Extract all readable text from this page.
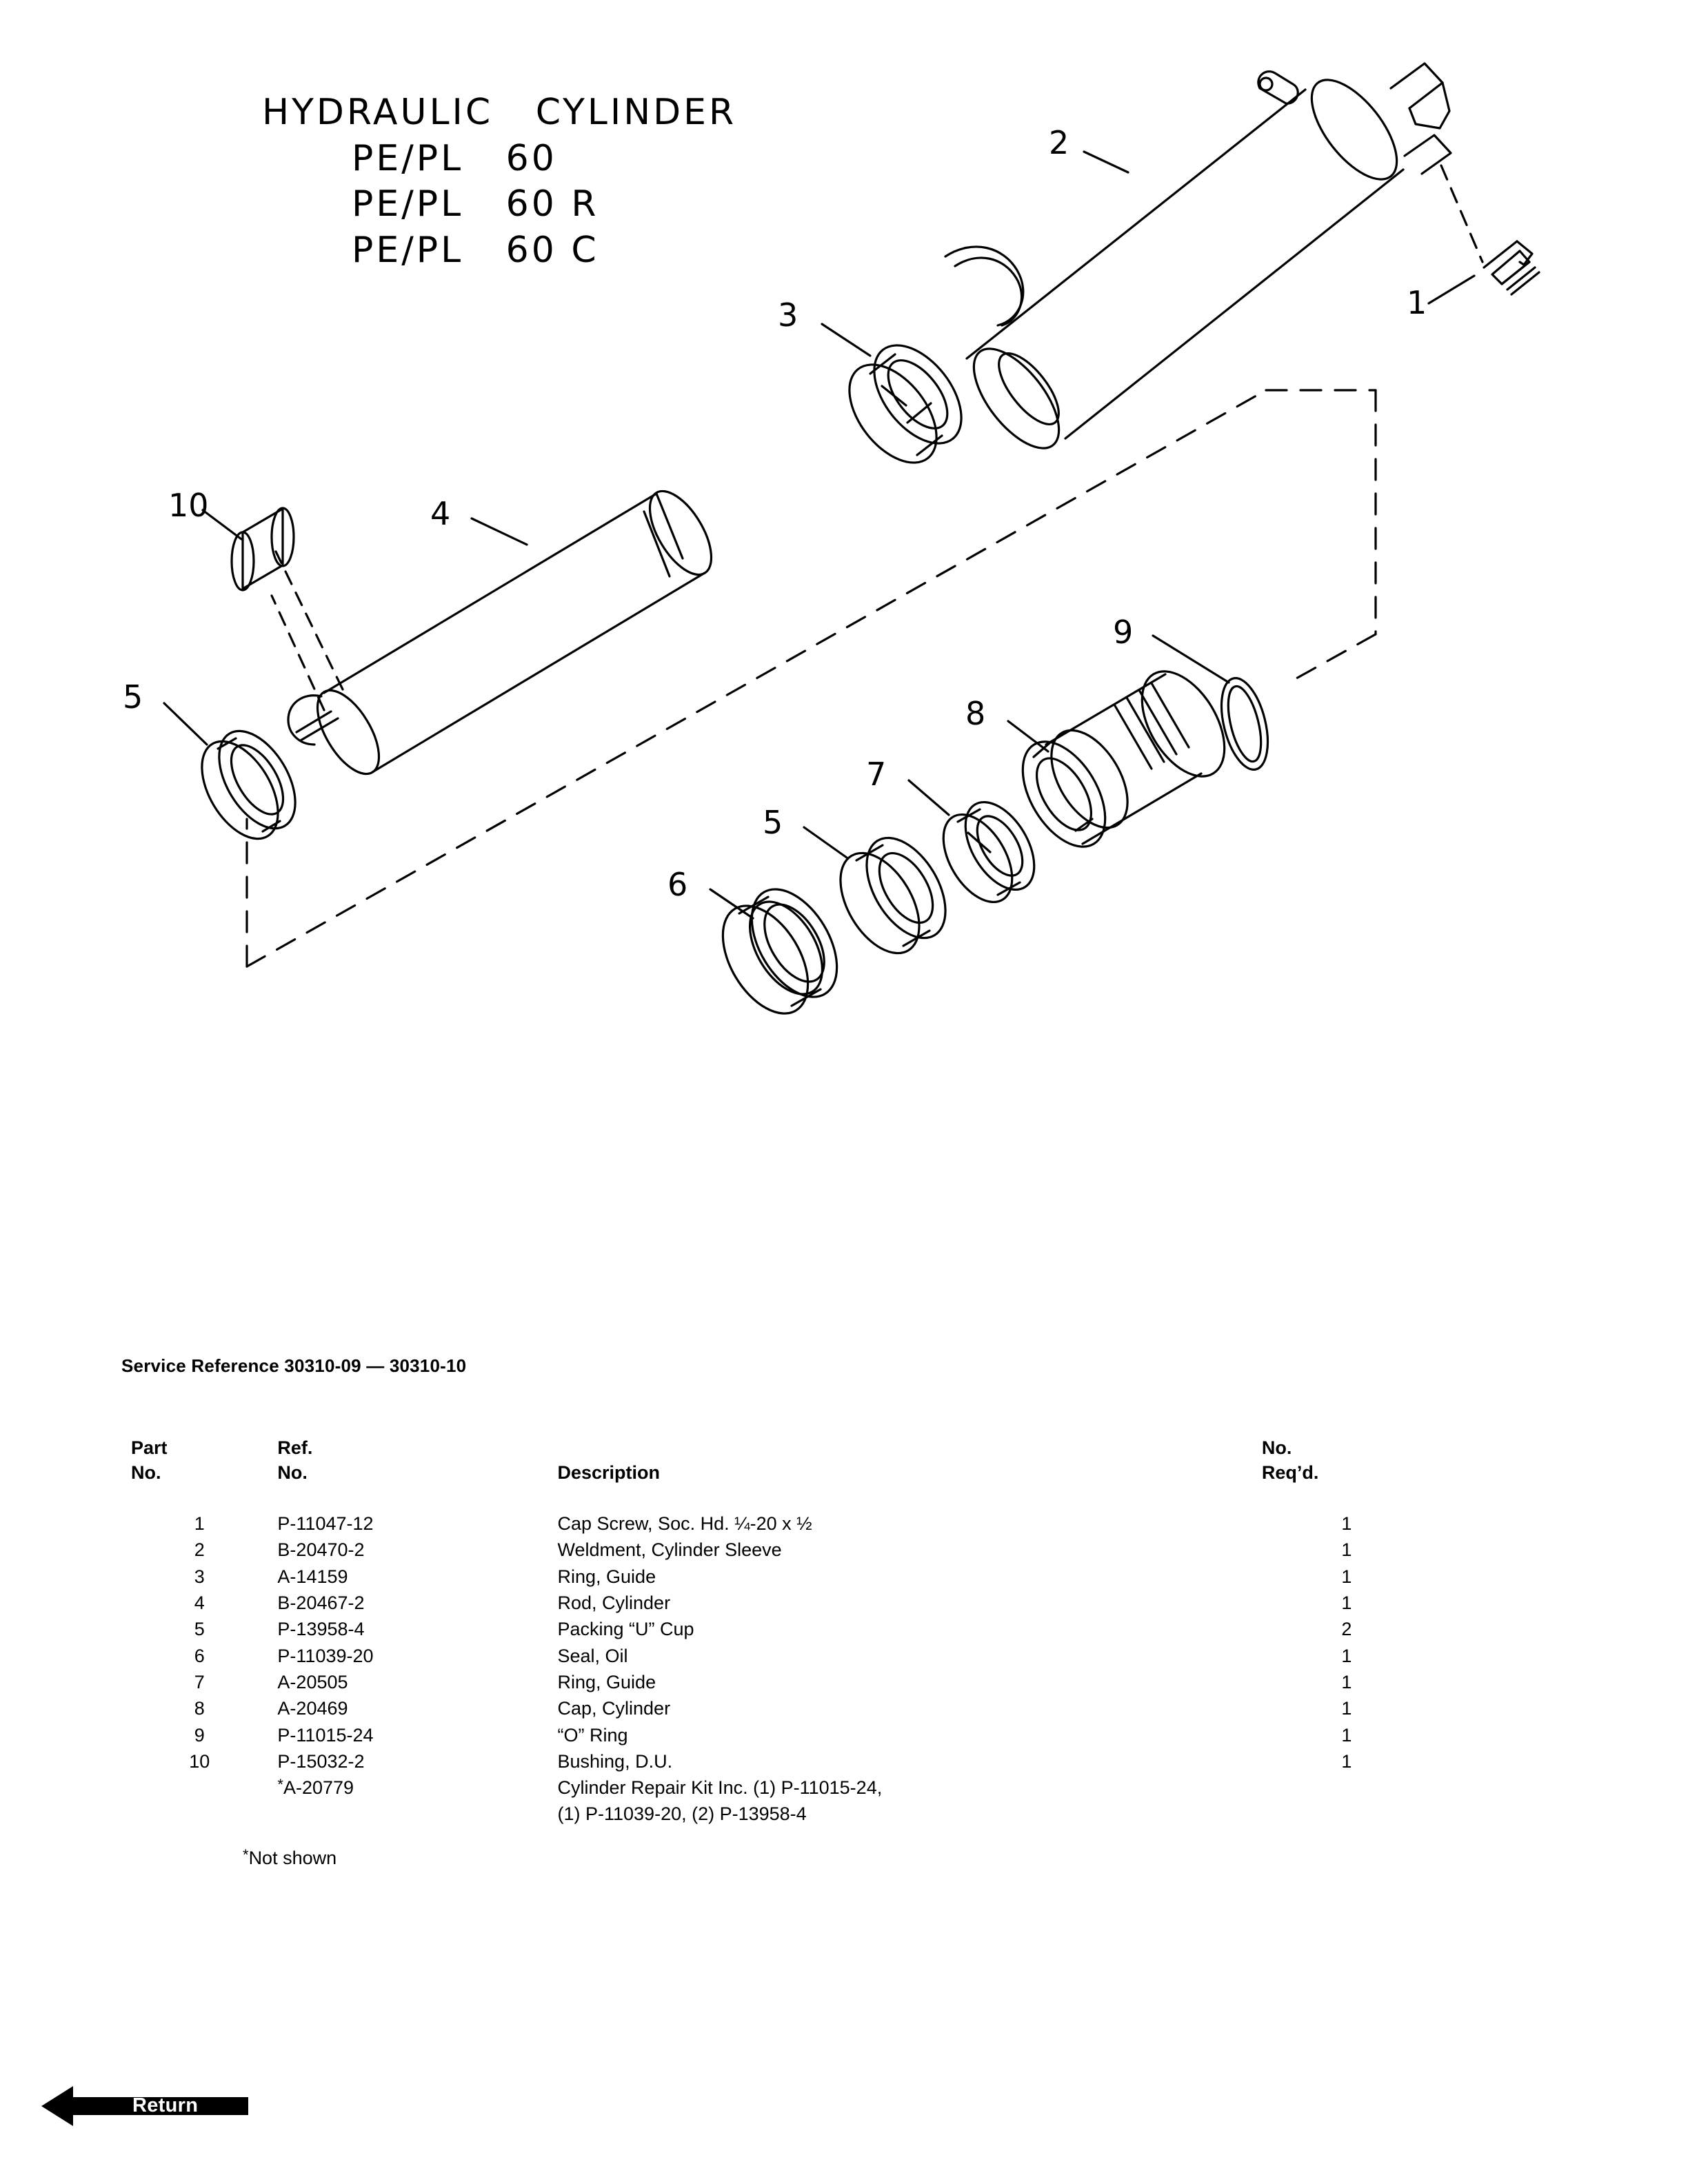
HYDRAULIC   CYLINDER
PE/PL   60
PE/PL   60 R
PE/PL   60 C
1
2
3
4
5
5
6
7
8
9
10
Service Reference 30310-09 — 30310-10
Part	Ref.		No.
No.	No.	Description	Req’d.

1	P-11047-12	Cap Screw, Soc. Hd. ¼-20 x ½	1
2	B-20470-2	Weldment, Cylinder Sleeve	1
3	A-14159	Ring, Guide	1
4	B-20467-2	Rod, Cylinder	1
5	P-13958-4	Packing “U” Cup	2
6	P-11039-20	Seal, Oil	1
7	A-20505	Ring, Guide	1
8	A-20469	Cap, Cylinder	1
9	P-11015-24	“O” Ring	1
10	P-15032-2	Bushing, D.U.	1
	*A-20779	Cylinder Repair Kit Inc. (1) P-11015-24,	
		(1) P-11039-20, (2) P-13958-4	
*Not shown
Return
